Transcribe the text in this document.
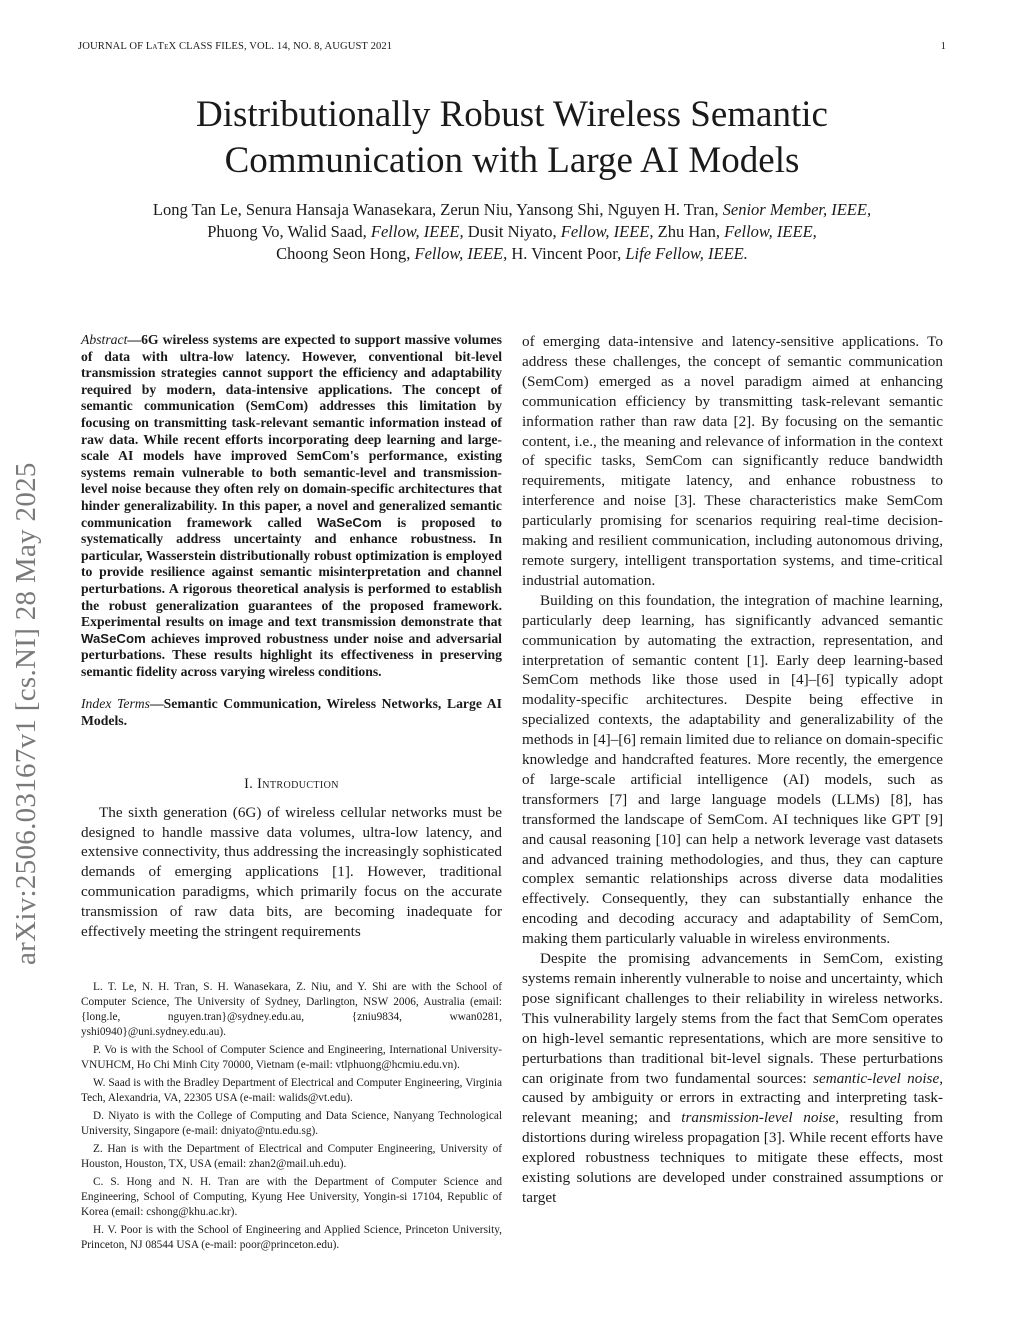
JOURNAL OF LaTeX CLASS FILES, VOL. 14, NO. 8, AUGUST 2021	1
Distributionally Robust Wireless Semantic
Communication with Large AI Models

Long Tan Le, Senura Hansaja Wanasekara, Zerun Niu, Yansong Shi, Nguyen H. Tran, Senior Member, IEEE,

Phuong Vo, Walid Saad, Fellow, IEEE, Dusit Niyato, Fellow, IEEE, Zhu Han, Fellow, IEEE,

Choong Seon Hong, Fellow, IEEE, H. Vincent Poor, Life Fellow, IEEE.

arXiv:2506.03167v1 [cs.NI] 28 May 2025

Abstract—6G wireless systems are expected to support massive volumes of data with ultra-low latency. However, conventional bit-level transmission strategies cannot support the efficiency and adaptability required by modern, data-intensive applications. The concept of semantic communication (SemCom) addresses this limitation by focusing on transmitting task-relevant semantic information instead of raw data. While recent efforts incorporating deep learning and large-scale AI models have improved SemCom's performance, existing systems remain vulnerable to both semantic-level and transmission-level noise because they often rely on domain-specific architectures that hinder generalizability. In this paper, a novel and generalized semantic communication framework called WaSeCom is proposed to systematically address uncertainty and enhance robustness. In particular, Wasserstein distributionally robust optimization is employed to provide resilience against semantic misinterpretation and channel perturbations. A rigorous theoretical analysis is performed to establish the robust generalization guarantees of the proposed framework. Experimental results on image and text transmission demonstrate that WaSeCom achieves improved robustness under noise and adversarial perturbations. These results highlight its effectiveness in preserving semantic fidelity across varying wireless conditions.

Index Terms—Semantic Communication, Wireless Networks, Large AI Models.

I. Introduction

The sixth generation (6G) of wireless cellular networks must be designed to handle massive data volumes, ultra-low latency, and extensive connectivity, thus addressing the increasingly sophisticated demands of emerging applications [1]. However, traditional communication paradigms, which primarily focus on the accurate transmission of raw data bits, are becoming inadequate for effectively meeting the stringent requirements

L. T. Le, N. H. Tran, S. H. Wanasekara, Z. Niu, and Y. Shi are with the School of Computer Science, The University of Sydney, Darlington, NSW 2006, Australia (email: {long.le, nguyen.tran}@sydney.edu.au, {zniu9834, wwan0281, yshi0940}@uni.sydney.edu.au).

P. Vo is with the School of Computer Science and Engineering, International University-VNUHCM, Ho Chi Minh City 70000, Vietnam (e-mail: vtlphuong@hcmiu.edu.vn).

W. Saad is with the Bradley Department of Electrical and Computer Engineering, Virginia Tech, Alexandria, VA, 22305 USA (e-mail: walids@vt.edu).

D. Niyato is with the College of Computing and Data Science, Nanyang Technological University, Singapore (e-mail: dniyato@ntu.edu.sg).

Z. Han is with the Department of Electrical and Computer Engineering, University of Houston, Houston, TX, USA (email: zhan2@mail.uh.edu).

C. S. Hong and N. H. Tran are with the Department of Computer Science and Engineering, School of Computing, Kyung Hee University, Yongin-si 17104, Republic of Korea (email: cshong@khu.ac.kr).

H. V. Poor is with the School of Engineering and Applied Science, Princeton University, Princeton, NJ 08544 USA (e-mail: poor@princeton.edu).

of emerging data-intensive and latency-sensitive applications. To address these challenges, the concept of semantic communication (SemCom) emerged as a novel paradigm aimed at enhancing communication efficiency by transmitting task-relevant semantic information rather than raw data [2]. By focusing on the semantic content, i.e., the meaning and relevance of information in the context of specific tasks, SemCom can significantly reduce bandwidth requirements, mitigate latency, and enhance robustness to interference and noise [3]. These characteristics make SemCom particularly promising for scenarios requiring real-time decision-making and resilient communication, including autonomous driving, remote surgery, intelligent transportation systems, and time-critical industrial automation.

Building on this foundation, the integration of machine learning, particularly deep learning, has significantly advanced semantic communication by automating the extraction, representation, and interpretation of semantic content [1]. Early deep learning-based SemCom methods like those used in [4]–[6] typically adopt modality-specific architectures. Despite being effective in specialized contexts, the adaptability and generalizability of the methods in [4]–[6] remain limited due to reliance on domain-specific knowledge and handcrafted features. More recently, the emergence of large-scale artificial intelligence (AI) models, such as transformers [7] and large language models (LLMs) [8], has transformed the landscape of SemCom. AI techniques like GPT [9] and causal reasoning [10] can help a network leverage vast datasets and advanced training methodologies, and thus, they can capture complex semantic relationships across diverse data modalities effectively. Consequently, they can substantially enhance the encoding and decoding accuracy and adaptability of SemCom, making them particularly valuable in wireless environments.

Despite the promising advancements in SemCom, existing systems remain inherently vulnerable to noise and uncertainty, which pose significant challenges to their reliability in wireless networks. This vulnerability largely stems from the fact that SemCom operates on high-level semantic representations, which are more sensitive to perturbations than traditional bit-level signals. These perturbations can originate from two fundamental sources: semantic-level noise, caused by ambiguity or errors in extracting and interpreting task-relevant meaning; and transmission-level noise, resulting from distortions during wireless propagation [3]. While recent efforts have explored robustness techniques to mitigate these effects, most existing solutions are developed under constrained assumptions or target
